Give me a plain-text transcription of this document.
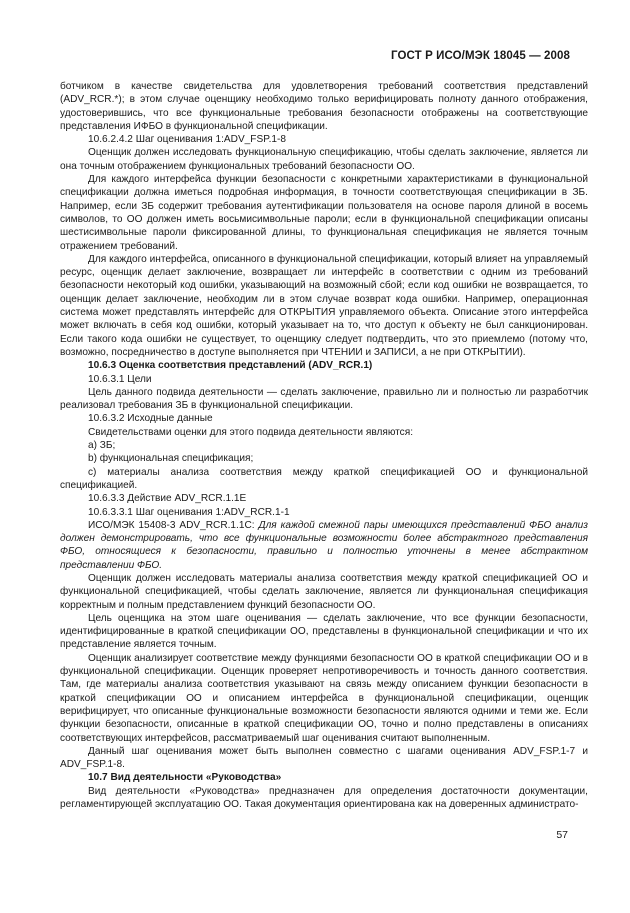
ГОСТ Р ИСО/МЭК 18045 — 2008

ботчиком в качестве свидетельства для удовлетворения требований соответствия представлений (ADV_RCR.*); в этом случае оценщику необходимо только верифицировать полноту данного отображения, удостоверившись, что все функциональные требования безопасности отображены на соответствующие представления ИФБО в функциональной спецификации.

10.6.2.4.2 Шаг оценивания 1:ADV_FSP.1-8

Оценщик должен исследовать функциональную спецификацию, чтобы сделать заключение, является ли она точным отображением функциональных требований безопасности ОО.

Для каждого интерфейса функции безопасности с конкретными характеристиками в функциональной спецификации должна иметься подробная информация, в точности соответствующая спецификации в ЗБ. Например, если ЗБ содержит требования аутентификации пользователя на основе пароля длиной в восемь символов, то ОО должен иметь восьмисимвольные пароли; если в функциональной спецификации описаны шестисимвольные пароли фиксированной длины, то функциональная спецификация не является точным отражением требований.

Для каждого интерфейса, описанного в функциональной спецификации, который влияет на управляемый ресурс, оценщик делает заключение, возвращает ли интерфейс в соответствии с одним из требований безопасности некоторый код ошибки, указывающий на возможный сбой; если код ошибки не возвращается, то оценщик делает заключение, необходим ли в этом случае возврат кода ошибки. Например, операционная система может представлять интерфейс для ОТКРЫТИЯ управляемого объекта. Описание этого интерфейса может включать в себя код ошибки, который указывает на то, что доступ к объекту не был санкционирован. Если такого кода ошибки не существует, то оценщику следует подтвердить, что это приемлемо (потому что, возможно, посредничество в доступе выполняется при ЧТЕНИИ и ЗАПИСИ, а не при ОТКРЫТИИ).

10.6.3 Оценка соответствия представлений (ADV_RCR.1)

10.6.3.1 Цели

Цель данного подвида деятельности — сделать заключение, правильно ли и полностью ли разработчик реализовал требования ЗБ в функциональной спецификации.

10.6.3.2 Исходные данные

Свидетельствами оценки для этого подвида деятельности являются:

a) ЗБ;

b) функциональная спецификация;

c) материалы анализа соответствия между краткой спецификацией ОО и функциональной спецификацией.

10.6.3.3 Действие ADV_RCR.1.1E

10.6.3.3.1 Шаг оценивания 1:ADV_RCR.1-1

ИСО/МЭК 15408-3 ADV_RCR.1.1С: Для каждой смежной пары имеющихся представлений ФБО анализ должен демонстрировать, что все функциональные возможности более абстрактного представления ФБО, относящиеся к безопасности, правильно и полностью уточнены в менее абстрактном представлении ФБО.

Оценщик должен исследовать материалы анализа соответствия между краткой спецификацией ОО и функциональной спецификацией, чтобы сделать заключение, является ли функциональная спецификация корректным и полным представлением функций безопасности ОО.

Цель оценщика на этом шаге оценивания — сделать заключение, что все функции безопасности, идентифицированные в краткой спецификации ОО, представлены в функциональной спецификации и что их представление является точным.

Оценщик анализирует соответствие между функциями безопасности ОО в краткой спецификации ОО и в функциональной спецификации. Оценщик проверяет непротиворечивость и точность данного соответствия. Там, где материалы анализа соответствия указывают на связь между описанием функции безопасности в краткой спецификации ОО и описанием интерфейса в функциональной спецификации, оценщик верифицирует, что описанные функциональные возможности безопасности являются одними и теми же. Если функции безопасности, описанные в краткой спецификации ОО, точно и полно представлены в описаниях соответствующих интерфейсов, рассматриваемый шаг оценивания считают выполненным.

Данный шаг оценивания может быть выполнен совместно с шагами оценивания ADV_FSP.1-7 и ADV_FSP.1-8.

10.7 Вид деятельности «Руководства»

Вид деятельности «Руководства» предназначен для определения достаточности документации, регламентирующей эксплуатацию ОО. Такая документация ориентирована как на доверенных администрато-

57
